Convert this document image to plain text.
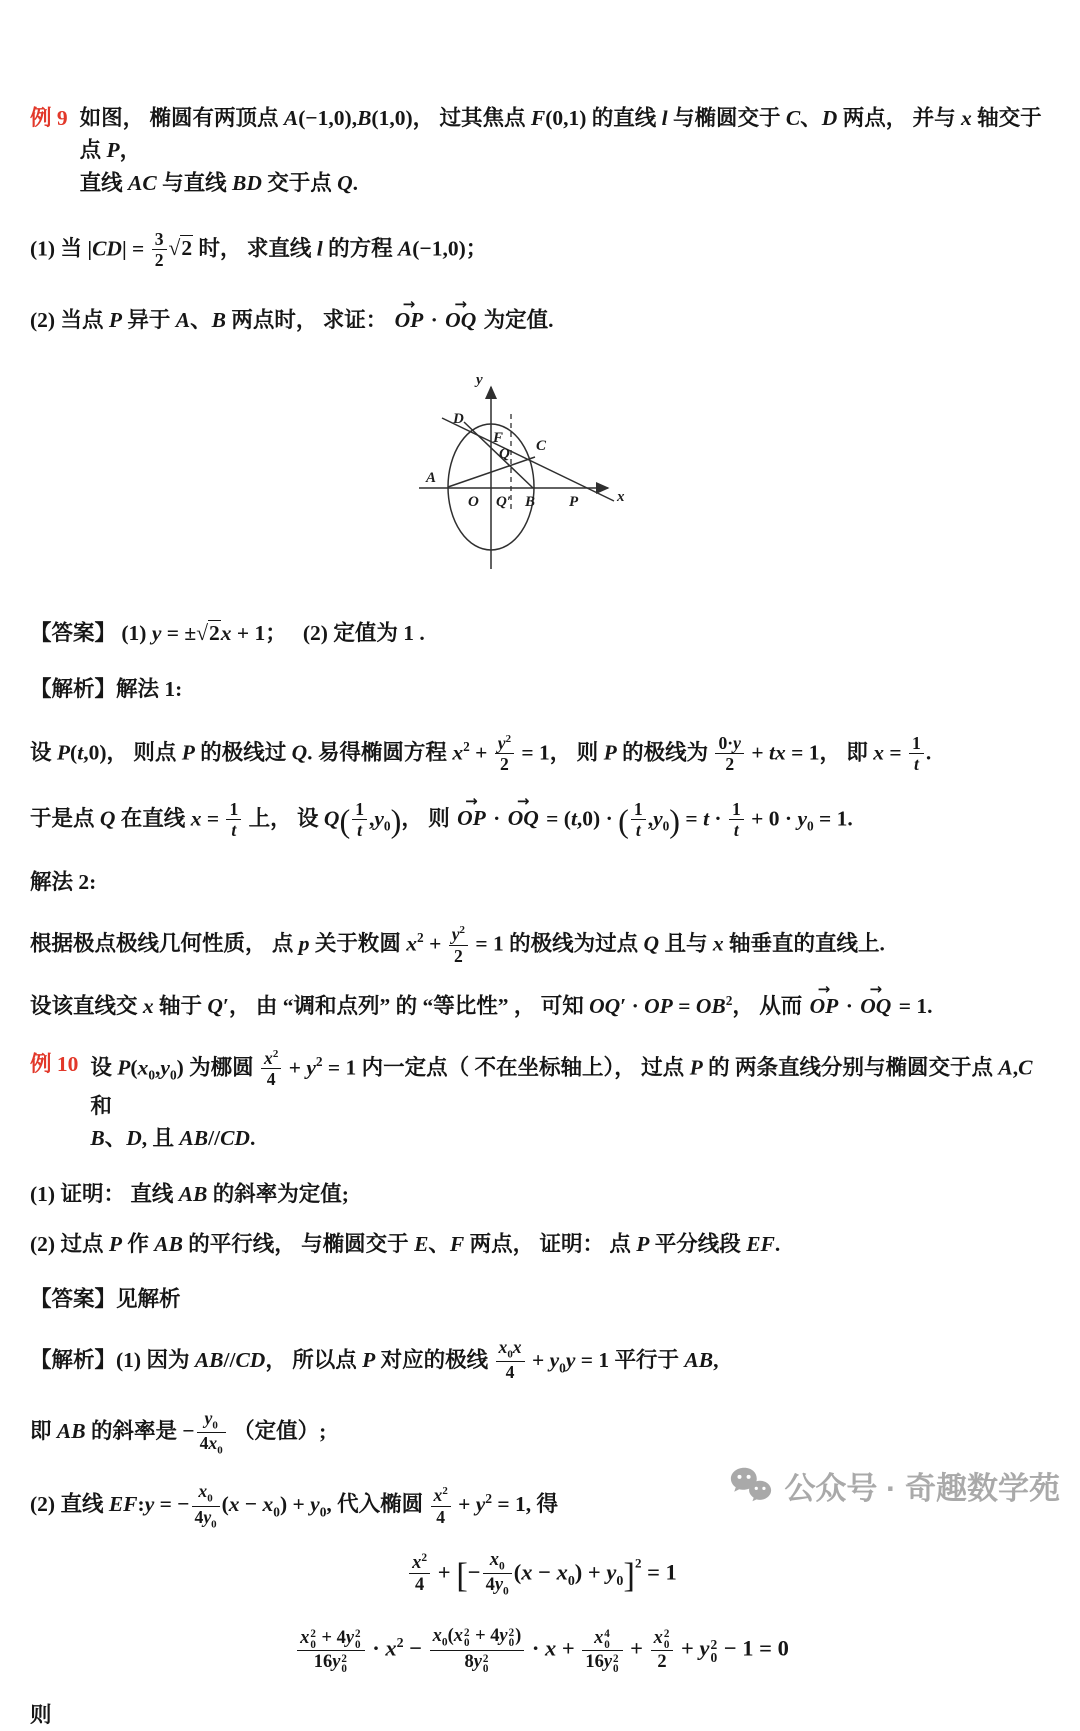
例 9 如图， 椭圆有两顶点 A(−1,0),B(1,0)， 过其焦点 F(0,1) 的直线 l 与椭圆交于 C、D 两点， 并与 x 轴交于点 P，
直线 AC 与直线 BD 交于点 Q.
(1) 当 $|CD| = \frac{3}{2}$ √ 2 时， 求直线 l 的方程 A(−1,0)；
(2) 当点 P 异于 A、B 两点时， 求证： OP → · OQ → 为定值.
y
x
D
F
Q C
A
O Q′ B P
【答案】 (1) y = ± √ 2x + 1；   (2) 定值为 1 .
【解析】解法 1:
设 P(t,0)， 则点 P 的极线过 Q. 易得椭圆方程 $x^2 + \frac{y^2}{2} = 1$， 则 P 的极线为 $\frac{0\cdot y}{2}$ + tx = 1， 即 $x = \frac{1}{t}$ .
于是点 Q 在直线 $x = \frac{1}{t}$ 上， 设 $Q( \frac{1}{t} ,y_0)$， 则 OP → · OQ → = (t,0) · ( $\frac{1}{t} ,y_0) = t \cdot \frac{1}{t} + 0 \cdot y_0 = 1$.
解法 2:
根据极点极线几何性质， 点 p 关于敉圆 $x^2 + \frac{y^2}{2} = 1$ 的极线为过点 Q 且与 x 轴垂直的直线上.
设该直线交 x 轴于 Q′， 由 “调和点列” 的 “等比性” ， 可知 OQ′ · OP = $OB^2$， 从而 OP → · OQ → = 1.
例 10 设 $P(x_0,y_0)$ 为梛圆 $\frac{x^2}{4} + y^2 = 1$ 内一定点（ 不在坐标轴上）， 过点 P 的 两条直线分别与椭圆交于点 A,C 和
B、D, 且 AB//CD.
(1) 证明： 直线 AB 的斜率为定值;
(2) 过点 P 作 AB 的平行线， 与椭圆交于 E、F 两点， 证明： 点 P 平分线段 EF.
【答案】见解析
【解析】(1) 因为 AB//CD， 所以点 P 对应的极线 $\frac{x_0x}{4} + y_0y = 1$ 平行于 AB,
即 AB 的斜率是 − $\frac{y_0}{4x_0}$ （定值）;
(2) 直线 EF:y = − $\frac{x_0}{4y_0} (x - x_0) + y_0$, 代入椭圆 $\frac{x^2}{4} + y^2 = 1$, 得
$\frac{x^2}{4}$ + [− $\frac{x_0}{4y_0} (x - x_0) + y_0]^2 = 1$
x 2
0 + 4y 2
0
16y 2
$0 \cdot x^2 - x_0(x$ 2
0 + 4y 2
0 )
8y 2
0 · x + x 4
0
16y 2
0 + x 2
0
2 + y 2
0 − 1 = 0
则
公众号 · 奇趣数学苑
